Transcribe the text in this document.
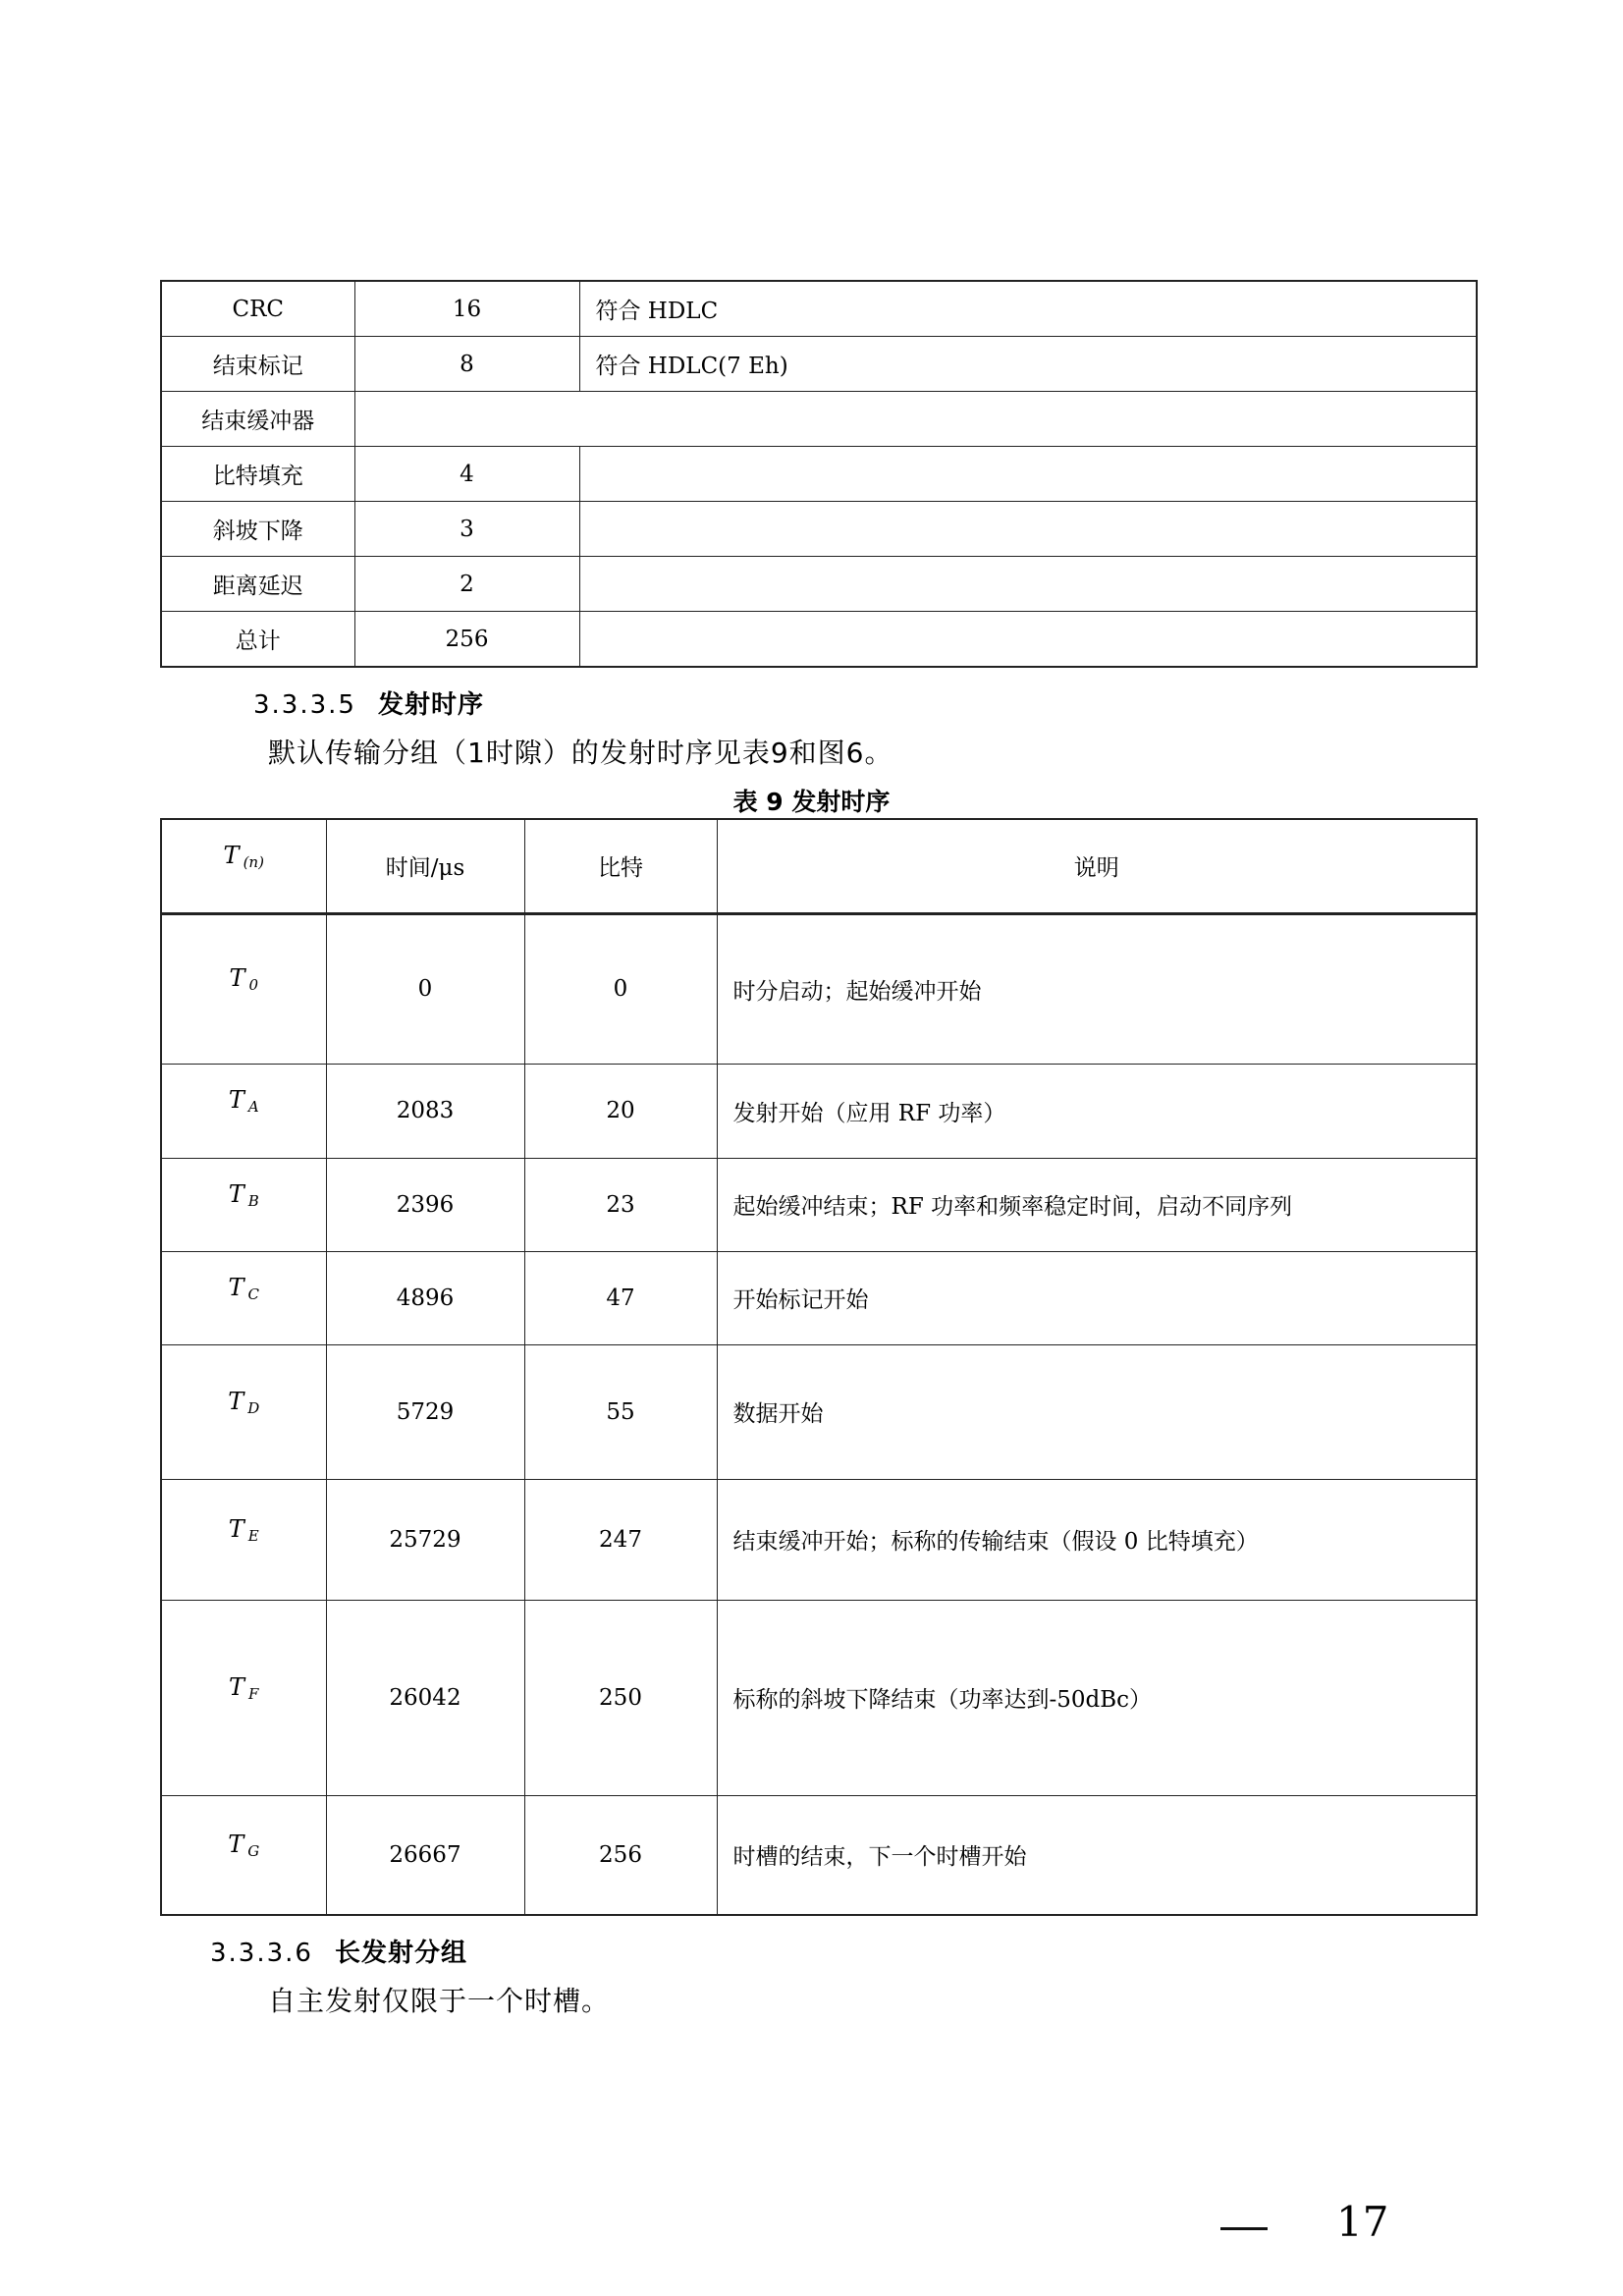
CRC	16	符合 HDLC
结束标记	8	符合 HDLC(7 Eh)
结束缓冲器		
比特填充	4	
斜坡下降	3	
距离延迟	2	
总计	256	
3.3.3.5 发射时序
默认传输分组（1时隙）的发射时序见表9和图6。
表 9 发射时序
T $_{(n)}$	时间/μs	比特	说明
T $_0$	0	0	时分启动；起始缓冲开始
T $_A$	2083	20	发射开始（应用 RF 功率）
T $_B$	2396	23	起始缓冲结束；RF 功率和频率稳定时间，启动不同序列
T $_C$	4896	47	开始标记开始
T $_D$	5729	55	数据开始
T $_E$	25729	247	结束缓冲开始；标称的传输结束（假设 0 比特填充）
T $_F$	26042	250	标称的斜坡下降结束（功率达到-50dBc）
T $_G$	26667	256	时槽的结束，下一个时槽开始
3.3.3.6 长发射分组
自主发射仅限于一个时槽。
17
